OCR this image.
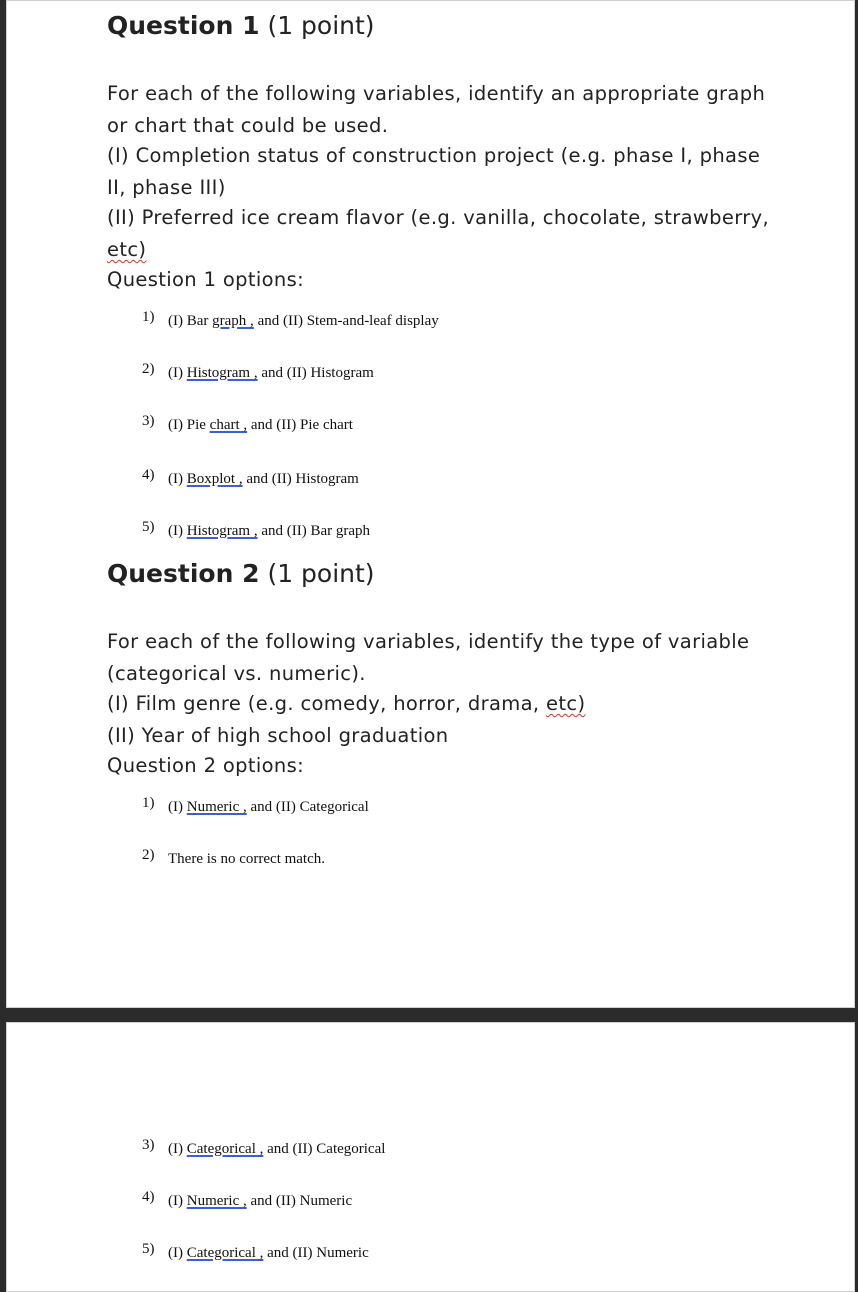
Question 1 (1 point)
For each of the following variables, identify an appropriate graph
or chart that could be used.
(I) Completion status of construction project (e.g. phase I, phase
II, phase III)
(II) Preferred ice cream flavor (e.g. vanilla, chocolate, strawberry,
etc)
Question 1 options:
1) (I) Bar graph , and (II) Stem-and-leaf display
2) (I) Histogram , and (II) Histogram
3) (I) Pie chart , and (II) Pie chart
4) (I) Boxplot , and (II) Histogram
5) (I) Histogram , and (II) Bar graph
Question 2 (1 point)
For each of the following variables, identify the type of variable
(categorical vs. numeric).
(I) Film genre (e.g. comedy, horror, drama, etc)
(II) Year of high school graduation
Question 2 options:
1) (I) Numeric , and (II) Categorical
2) There is no correct match.
3) (I) Categorical , and (II) Categorical
4) (I) Numeric , and (II) Numeric
5) (I) Categorical , and (II) Numeric
